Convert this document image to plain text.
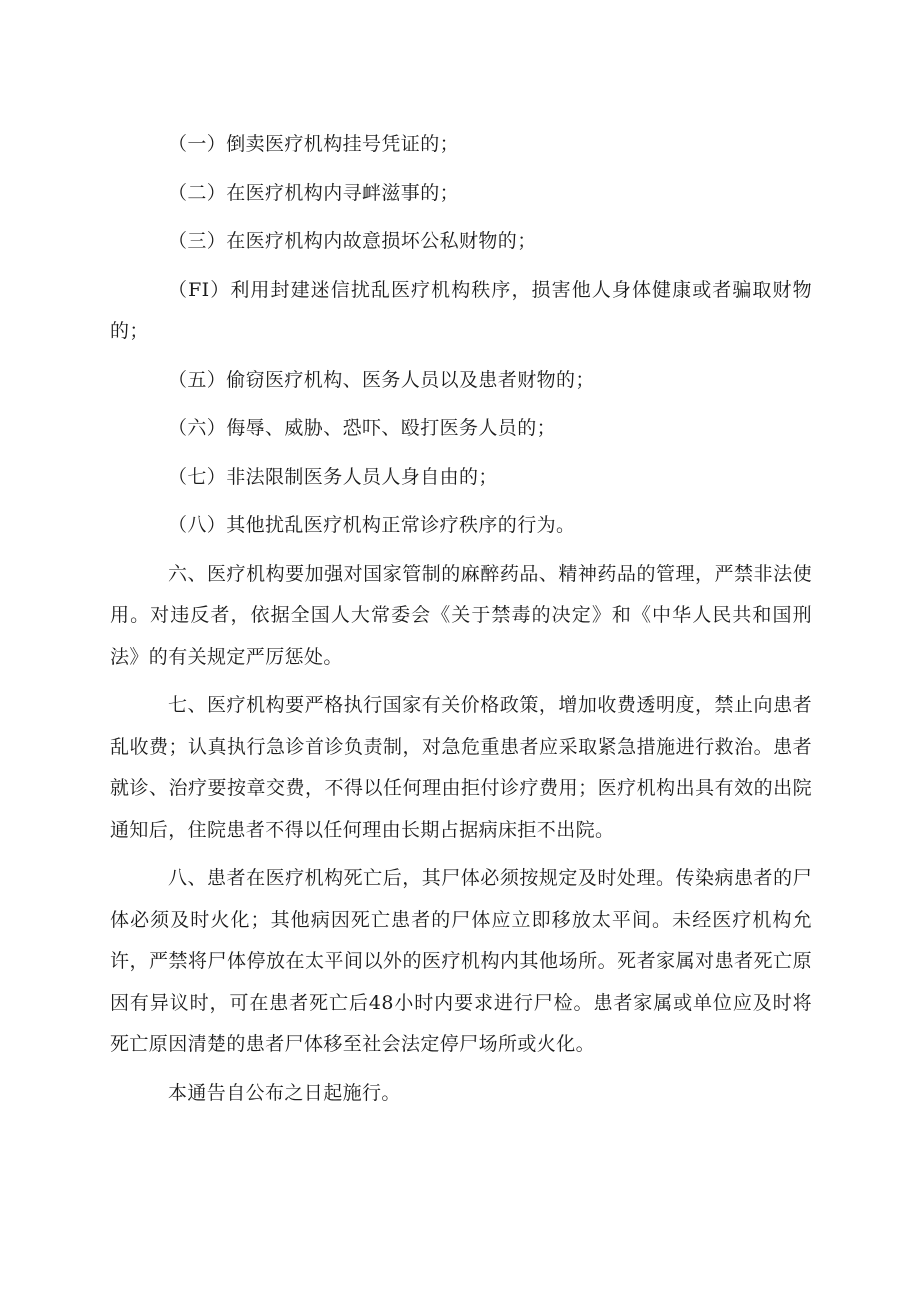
（一）倒卖医疗机构挂号凭证的；

（二）在医疗机构内寻衅滋事的；

（三）在医疗机构内故意损坏公私财物的；

（FI）利用封建迷信扰乱医疗机构秩序，损害他人身体健康或者骗取财物的；

（五）偷窃医疗机构、医务人员以及患者财物的；

（六）侮辱、威胁、恐吓、殴打医务人员的；

（七）非法限制医务人员人身自由的；

（八）其他扰乱医疗机构正常诊疗秩序的行为。

六、医疗机构要加强对国家管制的麻醉药品、精神药品的管理，严禁非法使用。对违反者，依据全国人大常委会《关于禁毒的决定》和《中华人民共和国刑法》的有关规定严厉惩处。

七、医疗机构要严格执行国家有关价格政策，增加收费透明度，禁止向患者乱收费；认真执行急诊首诊负责制，对急危重患者应采取紧急措施进行救治。患者就诊、治疗要按章交费，不得以任何理由拒付诊疗费用；医疗机构出具有效的出院通知后，住院患者不得以任何理由长期占据病床拒不出院。

八、患者在医疗机构死亡后，其尸体必须按规定及时处理。传染病患者的尸体必须及时火化；其他病因死亡患者的尸体应立即移放太平间。未经医疗机构允许，严禁将尸体停放在太平间以外的医疗机构内其他场所。死者家属对患者死亡原因有异议时，可在患者死亡后48小时内要求进行尸检。患者家属或单位应及时将死亡原因清楚的患者尸体移至社会法定停尸场所或火化。

本通告自公布之日起施行。
